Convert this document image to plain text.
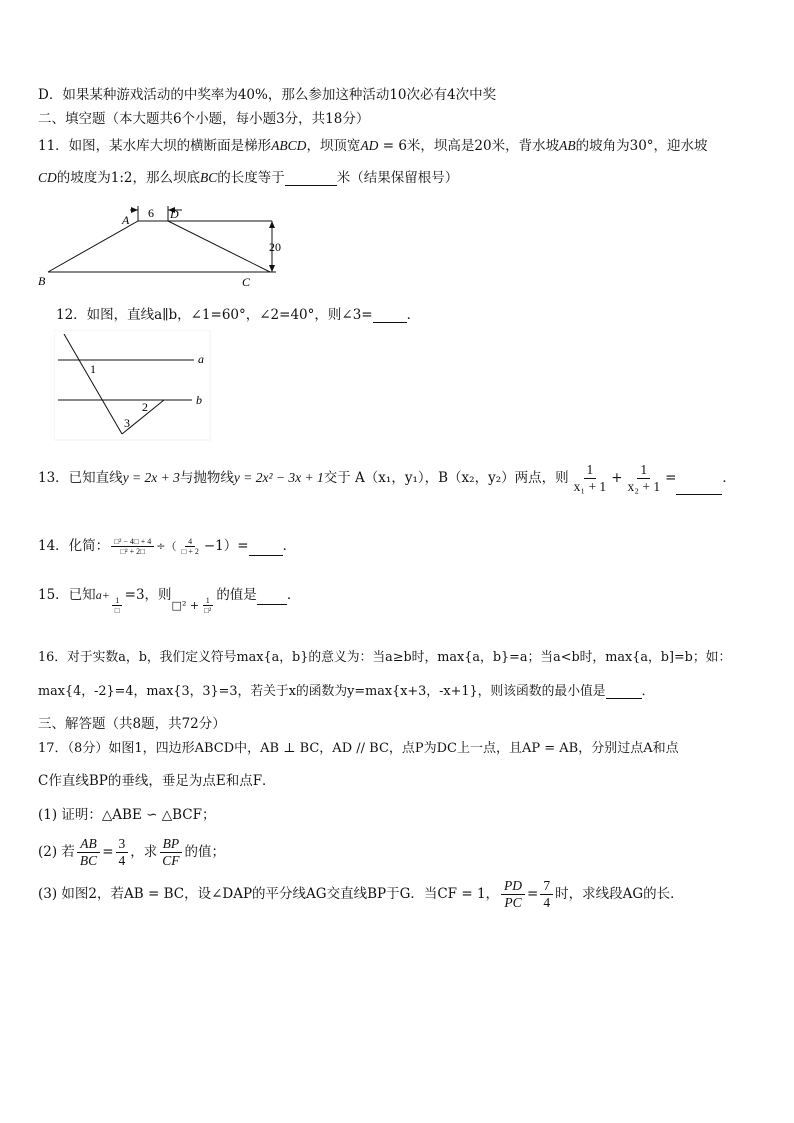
D．如果某种游戏活动的中奖率为40%，那么参加这种活动10次必有4次中奖
二、填空题（本大题共6个小题，每小题3分，共18分）
11．如图，某水库大坝的横断面是梯形ABCD，坝顶宽AD = 6米，坝高是20米，背水坡AB的坡角为30°，迎水坡
CD的坡度为1:2，那么坝底BC的长度等于	米（结果保留根号）
6
20
A	D
B	C
12．如图，直线a∥b，∠1=60°，∠2=40°，则∠3=	．
a
b
1
2
3
13．已知直线y = 2x + 3与抛物线y = 2x² − 3x + 1交于 A（x₁，y₁），B（x₂，y₂）两点，则 $\frac{1}{\text{x₁ + 1}} + \frac{1}{\text{x₂ + 1}}$ =	．
14．化简： $\frac{\text{□² − 4□ + 4}}{\text{□² + 2□}}$ ÷（ $\frac{4}{□ + 2} -1)=$	．
15．已知a+
$\frac{1}{□}$
=3，则$_{□^2 +} \frac{1}{\text{□²}}$
的值是 ．
16．对于实数a，b，我们定义符号max{a，b}的意义为：当a≥b时，max{a，b}=a；当a<b时，max{a，b]=b；如：
max{4，-2}=4，max{3，3}=3，若关于x的函数为y=max{x+3，-x+1}，则该函数的最小值是	．
三、解答题（共8题，共72分）
17．（8分）如图1，四边形ABCD中，AB ⊥ BC，AD // BC，点P为DC上一点，且AP = AB，分别过点A和点
C作直线BP的垂线，垂足为点E和点F．
(1) 证明：△ABE ∽ △BCF；
(2) 若 $\frac{AB}{BC} = \frac{3}{4}$ ，求 $\frac{BP}{CF}$ 的值；
(3) 如图2，若AB = BC，设∠DAP的平分线AG交直线BP于G．当CF = 1， $\frac{PD}{PC} = \frac{7}{4}$ 时，求线段AG的长．
